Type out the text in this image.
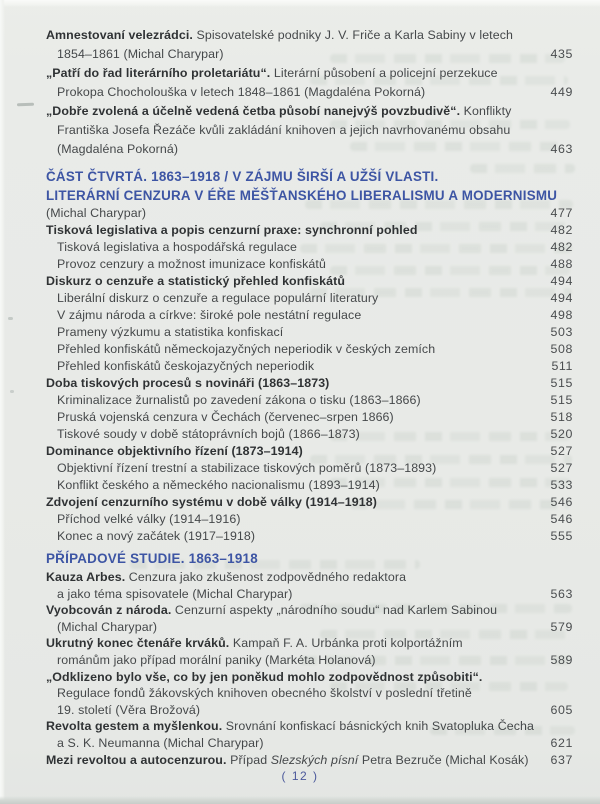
Amnestovaní velezrádci. Spisovatelské podniky J. V. Friče a Karla Sabiny v letech
1854–1861 (Michal Charypar)	435
„Patří do řad literárního proletariátu“. Literární působení a policejní perzekuce
Prokopa Chocholouška v letech 1848–1861 (Magdaléna Pokorná)	449
„Dobře zvolená a účelně vedená četba působí nanejvýš povzbudivě“. Konflikty
Františka Josefa Řezáče kvůli zakládání knihoven a jejich navrhovanému obsahu
(Magdaléna Pokorná)	463
ČÁST ČTVRTÁ. 1863–1918 / V ZÁJMU ŠIRŠÍ A UŽŠÍ VLASTI.
LITERÁRNÍ CENZURA V ÉŘE MĚŠŤANSKÉHO LIBERALISMU A MODERNISMU
(Michal Charypar)	477
Tisková legislativa a popis cenzurní praxe: synchronní pohled	482
Tisková legislativa a hospodářská regulace	482
Provoz cenzury a možnost imunizace konfiskátů	488
Diskurz o cenzuře a statistický přehled konfiskátů	494
Liberální diskurz o cenzuře a regulace populární literatury	494
V zájmu národa a církve: široké pole nestátní regulace	498
Prameny výzkumu a statistika konfiskací	503
Přehled konfiskátů německojazyčných neperiodik v českých zemích	508
Přehled konfiskátů českojazyčných neperiodik	511
Doba tiskových procesů s novináři (1863–1873)	515
Kriminalizace žurnalistů po zavedení zákona o tisku (1863–1866)	515
Pruská vojenská cenzura v Čechách (červenec–srpen 1866)	518
Tiskové soudy v době státoprávních bojů (1866–1873)	520
Dominance objektivního řízení (1873–1914)	527
Objektivní řízení trestní a stabilizace tiskových poměrů (1873–1893)	527
Konflikt českého a německého nacionalismu (1893–1914)	533
Zdvojení cenzurního systému v době války (1914–1918)	546
Příchod velké války (1914–1916)	546
Konec a nový začátek (1917–1918)	555
PŘÍPADOVÉ STUDIE. 1863–1918
Kauza Arbes. Cenzura jako zkušenost zodpovědného redaktora
a jako téma spisovatele (Michal Charypar)	563
Vyobcován z národa. Cenzurní aspekty „národního soudu“ nad Karlem Sabinou
(Michal Charypar)	579
Ukrutný konec čtenáře krváků. Kampaň F. A. Urbánka proti kolportážním
románům jako případ morální paniky (Markéta Holanová)	589
„Odklizeno bylo vše, co by jen poněkud mohlo zodpovědnost způsobiti“.
Regulace fondů žákovských knihoven obecného školství v poslední třetině
19. století (Věra Brožová)	605
Revolta gestem a myšlenkou. Srovnání konfiskací básnických knih Svatopluka Čecha
a S. K. Neumanna (Michal Charypar)	621
Mezi revoltou a autocenzurou. Případ Slezských písní Petra Bezruče (Michal Kosák) 637
( 12 )
